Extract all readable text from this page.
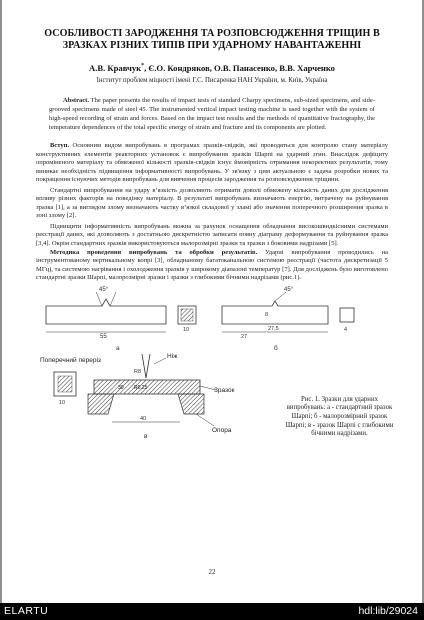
ОСОБЛИВОСТІ ЗАРОДЖЕННЯ ТА РОЗПОВСЮДЖЕННЯ ТРІЩИН В ЗРАЗКАХ РІЗНИХ ТИПІВ ПРИ УДАРНОМУ НАВАНТАЖЕННІ
А.В. Кравчук*, Є.О. Кондряков, О.В. Панасенко, В.В. Харченко
Інститут проблем міцності імені Г.С. Писаренка НАН України, м. Київ, Україна

Abstract. The paper presents the results of impact tests of standard Charpy specimens, sub-sized specimens, and side-grooved specimens made of steel 45. The instrumented vertical impact testing machine is used together with the system of high-speed recording of strain and forces. Based on the impact test results and the methods of quantitative fractography, the temperature dependences of the total specific energy of strain and fracture and its components are plotted.

Вступ. Основним видом випробувань в програмах зразків-свідків, які проводяться для контролю стану матеріалу конструктивних елементів реакторних установок є випробування зразків Шарпі на ударний згин. Внаслідок дефіциту опроміненого матеріалу та обмеженої кількості зразків-свідків існує ймовірність отримання некоректних результатів, тому виникає необхідність підвищення інформативності випробувань. У зв'язку з цим актуальною є задача розробки нових та покращення існуючих методів випробувань для вивчення процесів зародження та розповсюдження тріщини.

Стандартні випробування на удару в’язкість дозволяють отримати доволі обмежену кількість даних для дослідження впливу різних факторів на поведінку матеріалу. В результаті випробувань визначають енергію, витрачену на руйнування зразка [1], а за виглядом злому визначають частку в’язкої складової у зламі або значення поперечного розширення зразка в зоні злому [2].

Підвищити інформативність випробувань можна за рахунок оснащення обладнання високошвидкісними системами реєстрації даних, які дозволяють з достатньою дискретністю записати повну діаграму деформування та руйнування зразка [3,4]. Окрім стандартних зразків використовуються малорозмірні зразки та зразки з боковими надрізами [5].

Методика проведення випробувань та обробки результатів. Ударні випробування проводились на інструментованому вертикальному копрі [3], обладнаному багатоканальною системою реєстрації (частота дискретизації 5 МГц), та системою нагрівання і охолодження зразків у широкому діапазоні температур [7]. Для досліджень було виготовлено стандартні зразки Шарпі, малорозмірні зразки і зразки з глибокими бічними надрізами (рис.1).

45°
55
10
а
45°
8
27,5
27
4
б
Поперечний переріз
10
Ніж
R8
R0,25
30	Зразок
40
Опора
в
Рис. 1. Зразки для ударних випробувань: а - стандартний зразок Шарпі; б - малорозмірний зразок Шарпі; в - зразок Шарпі с глибокими бічними надрізами.
22
ELARTU	hdl:lib/29024
